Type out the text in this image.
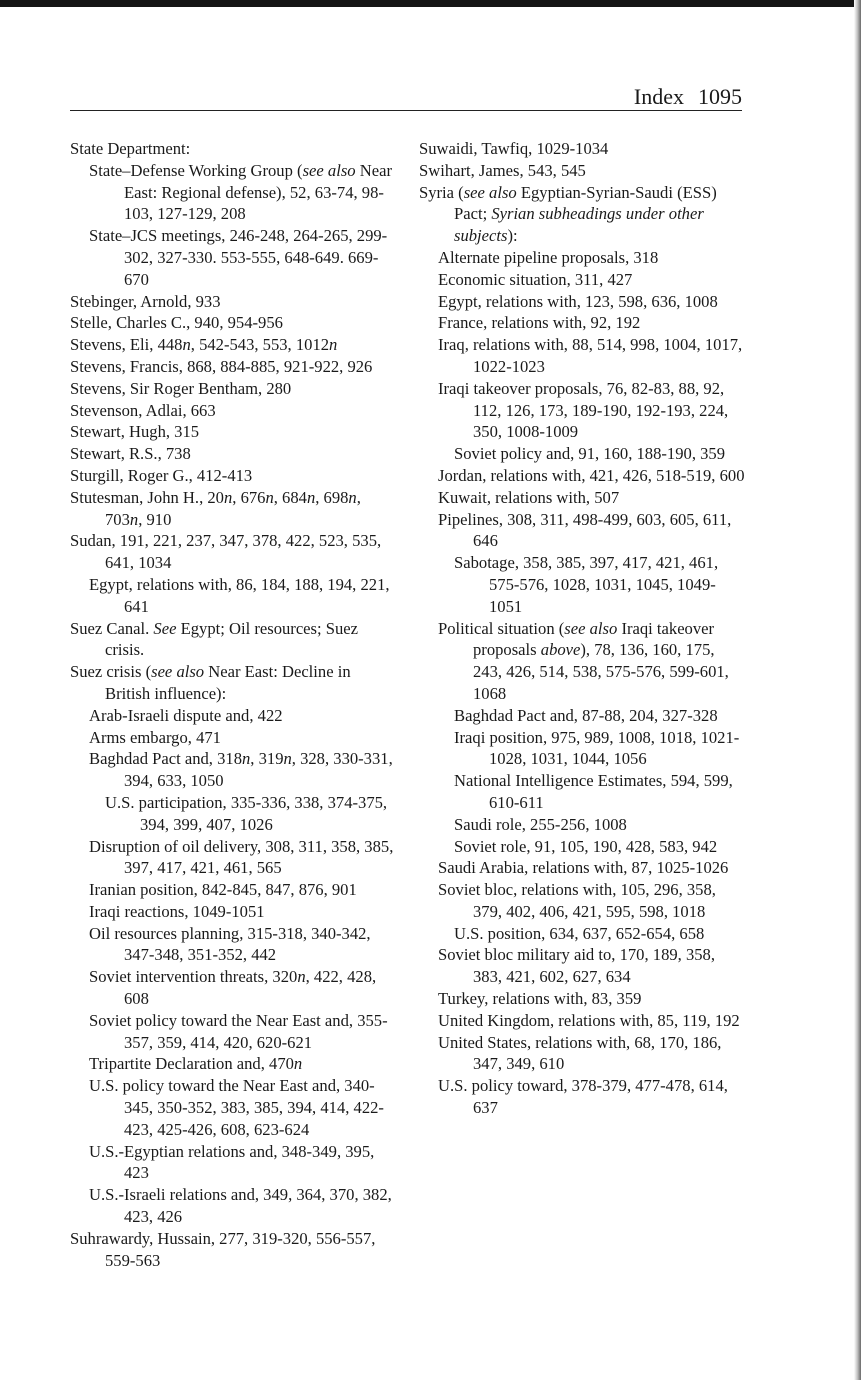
Index 1095

State Department:

State–Defense Working Group (see also Near East: Regional defense), 52, 63-74, 98-103, 127-129, 208

State–JCS meetings, 246-248, 264-265, 299-302, 327-330. 553-555, 648-649. 669-670

Stebinger, Arnold, 933

Stelle, Charles C., 940, 954-956

Stevens, Eli, 448n, 542-543, 553, 1012n

Stevens, Francis, 868, 884-885, 921-922, 926

Stevens, Sir Roger Bentham, 280

Stevenson, Adlai, 663

Stewart, Hugh, 315

Stewart, R.S., 738

Sturgill, Roger G., 412-413

Stutesman, John H., 20n, 676n, 684n, 698n, 703n, 910

Sudan, 191, 221, 237, 347, 378, 422, 523, 535, 641, 1034

Egypt, relations with, 86, 184, 188, 194, 221, 641

Suez Canal. See Egypt; Oil resources; Suez crisis.

Suez crisis (see also Near East: Decline in British influence):

Arab-Israeli dispute and, 422

Arms embargo, 471

Baghdad Pact and, 318n, 319n, 328, 330-331, 394, 633, 1050

U.S. participation, 335-336, 338, 374-375, 394, 399, 407, 1026

Disruption of oil delivery, 308, 311, 358, 385, 397, 417, 421, 461, 565

Iranian position, 842-845, 847, 876, 901

Iraqi reactions, 1049-1051

Oil resources planning, 315-318, 340-342, 347-348, 351-352, 442

Soviet intervention threats, 320n, 422, 428, 608

Soviet policy toward the Near East and, 355-357, 359, 414, 420, 620-621

Tripartite Declaration and, 470n

U.S. policy toward the Near East and, 340-345, 350-352, 383, 385, 394, 414, 422-423, 425-426, 608, 623-624

U.S.-Egyptian relations and, 348-349, 395, 423

U.S.-Israeli relations and, 349, 364, 370, 382, 423, 426

Suhrawardy, Hussain, 277, 319-320, 556-557, 559-563

Suwaidi, Tawfiq, 1029-1034

Swihart, James, 543, 545

Syria (see also Egyptian-Syrian-Saudi (ESS) Pact; Syrian subheadings under other subjects):

Alternate pipeline proposals, 318

Economic situation, 311, 427

Egypt, relations with, 123, 598, 636, 1008

France, relations with, 92, 192

Iraq, relations with, 88, 514, 998, 1004, 1017, 1022-1023

Iraqi takeover proposals, 76, 82-83, 88, 92, 112, 126, 173, 189-190, 192-193, 224, 350, 1008-1009

Soviet policy and, 91, 160, 188-190, 359

Jordan, relations with, 421, 426, 518-519, 600

Kuwait, relations with, 507

Pipelines, 308, 311, 498-499, 603, 605, 611, 646

Sabotage, 358, 385, 397, 417, 421, 461, 575-576, 1028, 1031, 1045, 1049-1051

Political situation (see also Iraqi takeover proposals above), 78, 136, 160, 175, 243, 426, 514, 538, 575-576, 599-601, 1068

Baghdad Pact and, 87-88, 204, 327-328

Iraqi position, 975, 989, 1008, 1018, 1021-1028, 1031, 1044, 1056

National Intelligence Estimates, 594, 599, 610-611

Saudi role, 255-256, 1008

Soviet role, 91, 105, 190, 428, 583, 942

Saudi Arabia, relations with, 87, 1025-1026

Soviet bloc, relations with, 105, 296, 358, 379, 402, 406, 421, 595, 598, 1018

U.S. position, 634, 637, 652-654, 658

Soviet bloc military aid to, 170, 189, 358, 383, 421, 602, 627, 634

Turkey, relations with, 83, 359

United Kingdom, relations with, 85, 119, 192

United States, relations with, 68, 170, 186, 347, 349, 610

U.S. policy toward, 378-379, 477-478, 614, 637
